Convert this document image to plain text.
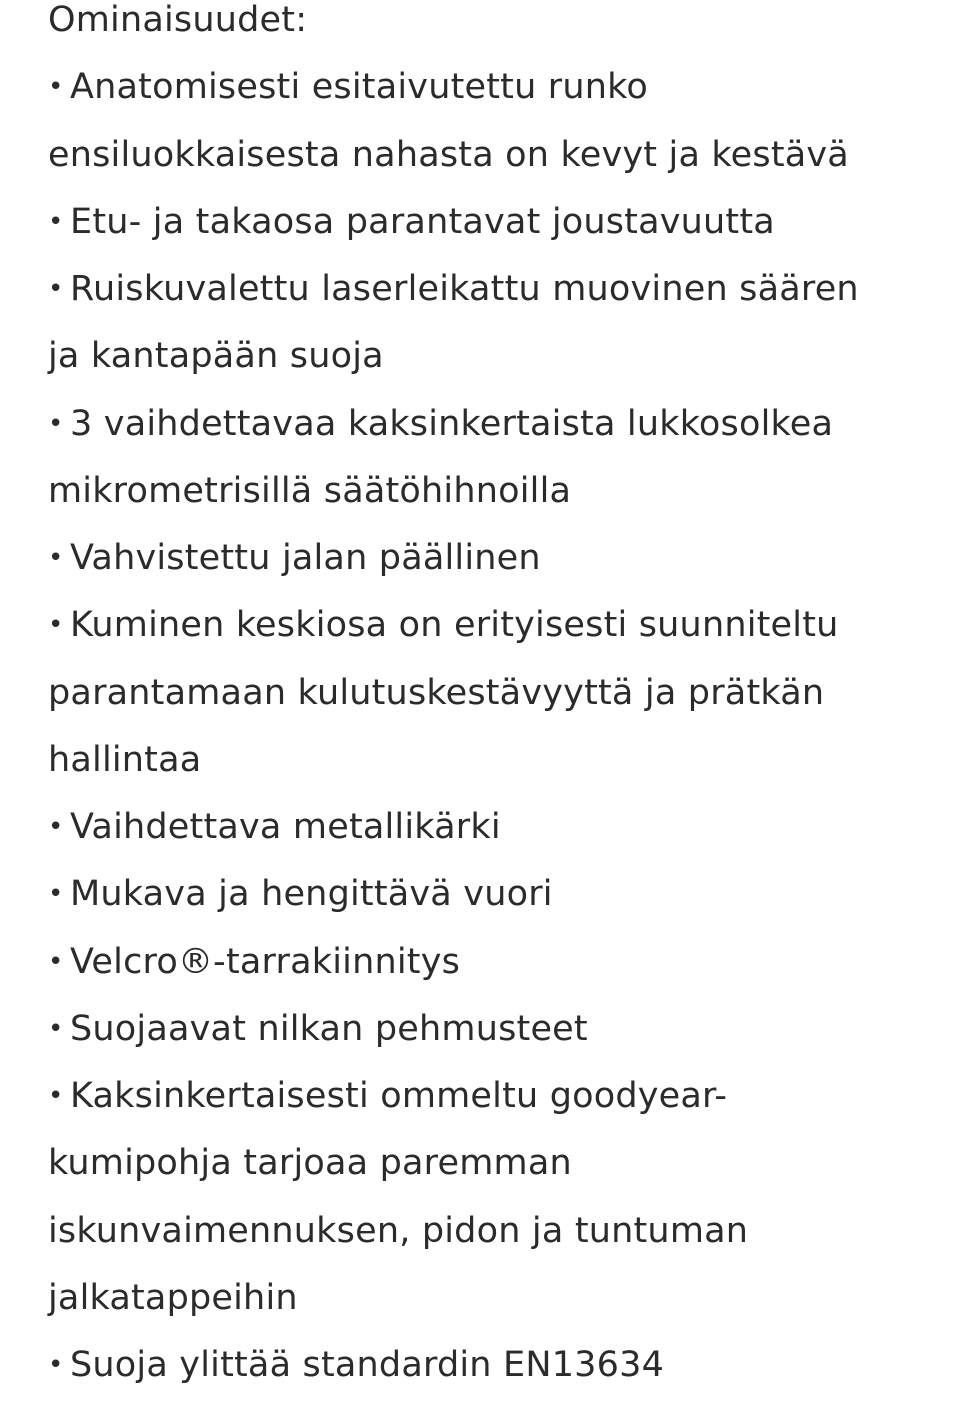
Ominaisuudet:
• Anatomisesti esitaivutettu runko
ensiluokkaisesta nahasta on kevyt ja kestävä
• Etu- ja takaosa parantavat joustavuutta
• Ruiskuvalettu laserleikattu muovinen säären
ja kantapään suoja
• 3 vaihdettavaa kaksinkertaista lukkosolkea
mikrometrisillä säätöhihnoilla
• Vahvistettu jalan päällinen
• Kuminen keskiosa on erityisesti suunniteltu
parantamaan kulutuskestävyyttä ja prätkän
hallintaa
• Vaihdettava metallikärki
• Mukava ja hengittävä vuori
• Velcro®-tarrakiinnitys
• Suojaavat nilkan pehmusteet
• Kaksinkertaisesti ommeltu goodyear-
kumipohja tarjoaa paremman
iskunvaimennuksen, pidon ja tuntuman
jalkatappeihin
• Suoja ylittää standardin EN13634
